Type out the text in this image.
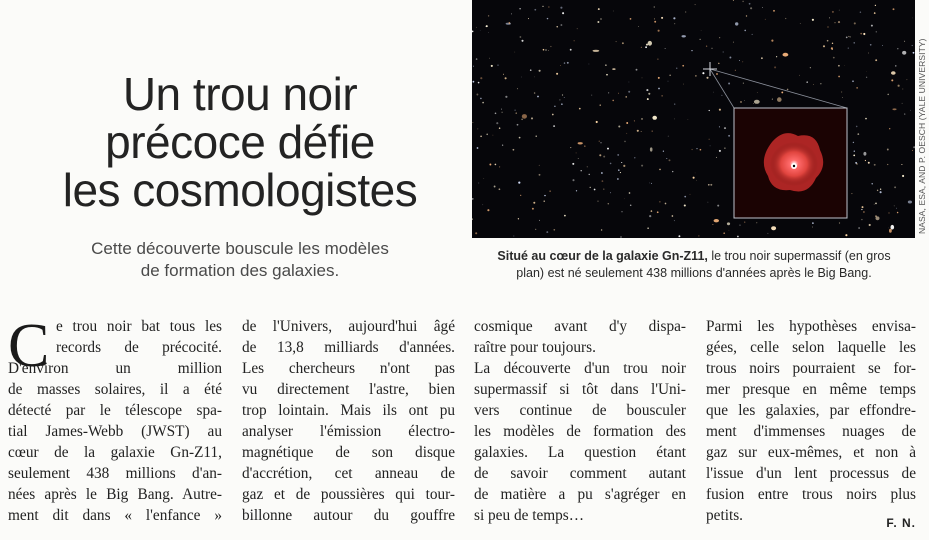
Un trou noir
précoce défie
les cosmologistes

Cette découverte bouscule les modèles
de formation des galaxies.

NASA, ESA, AND P. OESCH (YALE UNIVERSITY)

Situé au cœur de la galaxie Gn-Z11, le trou noir supermassif (en gros
plan) est né seulement 438 millions d'années après le Big Bang.

C e trou noir bat tous les

records de précocité.

D'environ un million

de masses solaires, il a été

détecté par le télescope spa-

tial James-Webb (JWST) au

cœur de la galaxie Gn-Z11,

seulement 438 millions d'an-

nées après le Big Bang. Autre-

ment dit dans « l'enfance »

de l'Univers, aujourd'hui âgé

de 13,8 milliards d'années.

Les chercheurs n'ont pas

vu directement l'astre, bien

trop lointain. Mais ils ont pu

analyser l'émission électro-

magnétique de son disque

d'accrétion, cet anneau de

gaz et de poussières qui tour-

billonne autour du gouffre

cosmique avant d'y dispa-

raître pour toujours.

La découverte d'un trou noir

supermassif si tôt dans l'Uni-

vers continue de bousculer

les modèles de formation des

galaxies. La question étant

de savoir comment autant

de matière a pu s'agréger en

si peu de temps…

Parmi les hypothèses envisa-

gées, celle selon laquelle les

trous noirs pourraient se for-

mer presque en même temps

que les galaxies, par effondre-

ment d'immenses nuages de

gaz sur eux-mêmes, et non à

l'issue d'un lent processus de

fusion entre trous noirs plus

petits.	F. N.
